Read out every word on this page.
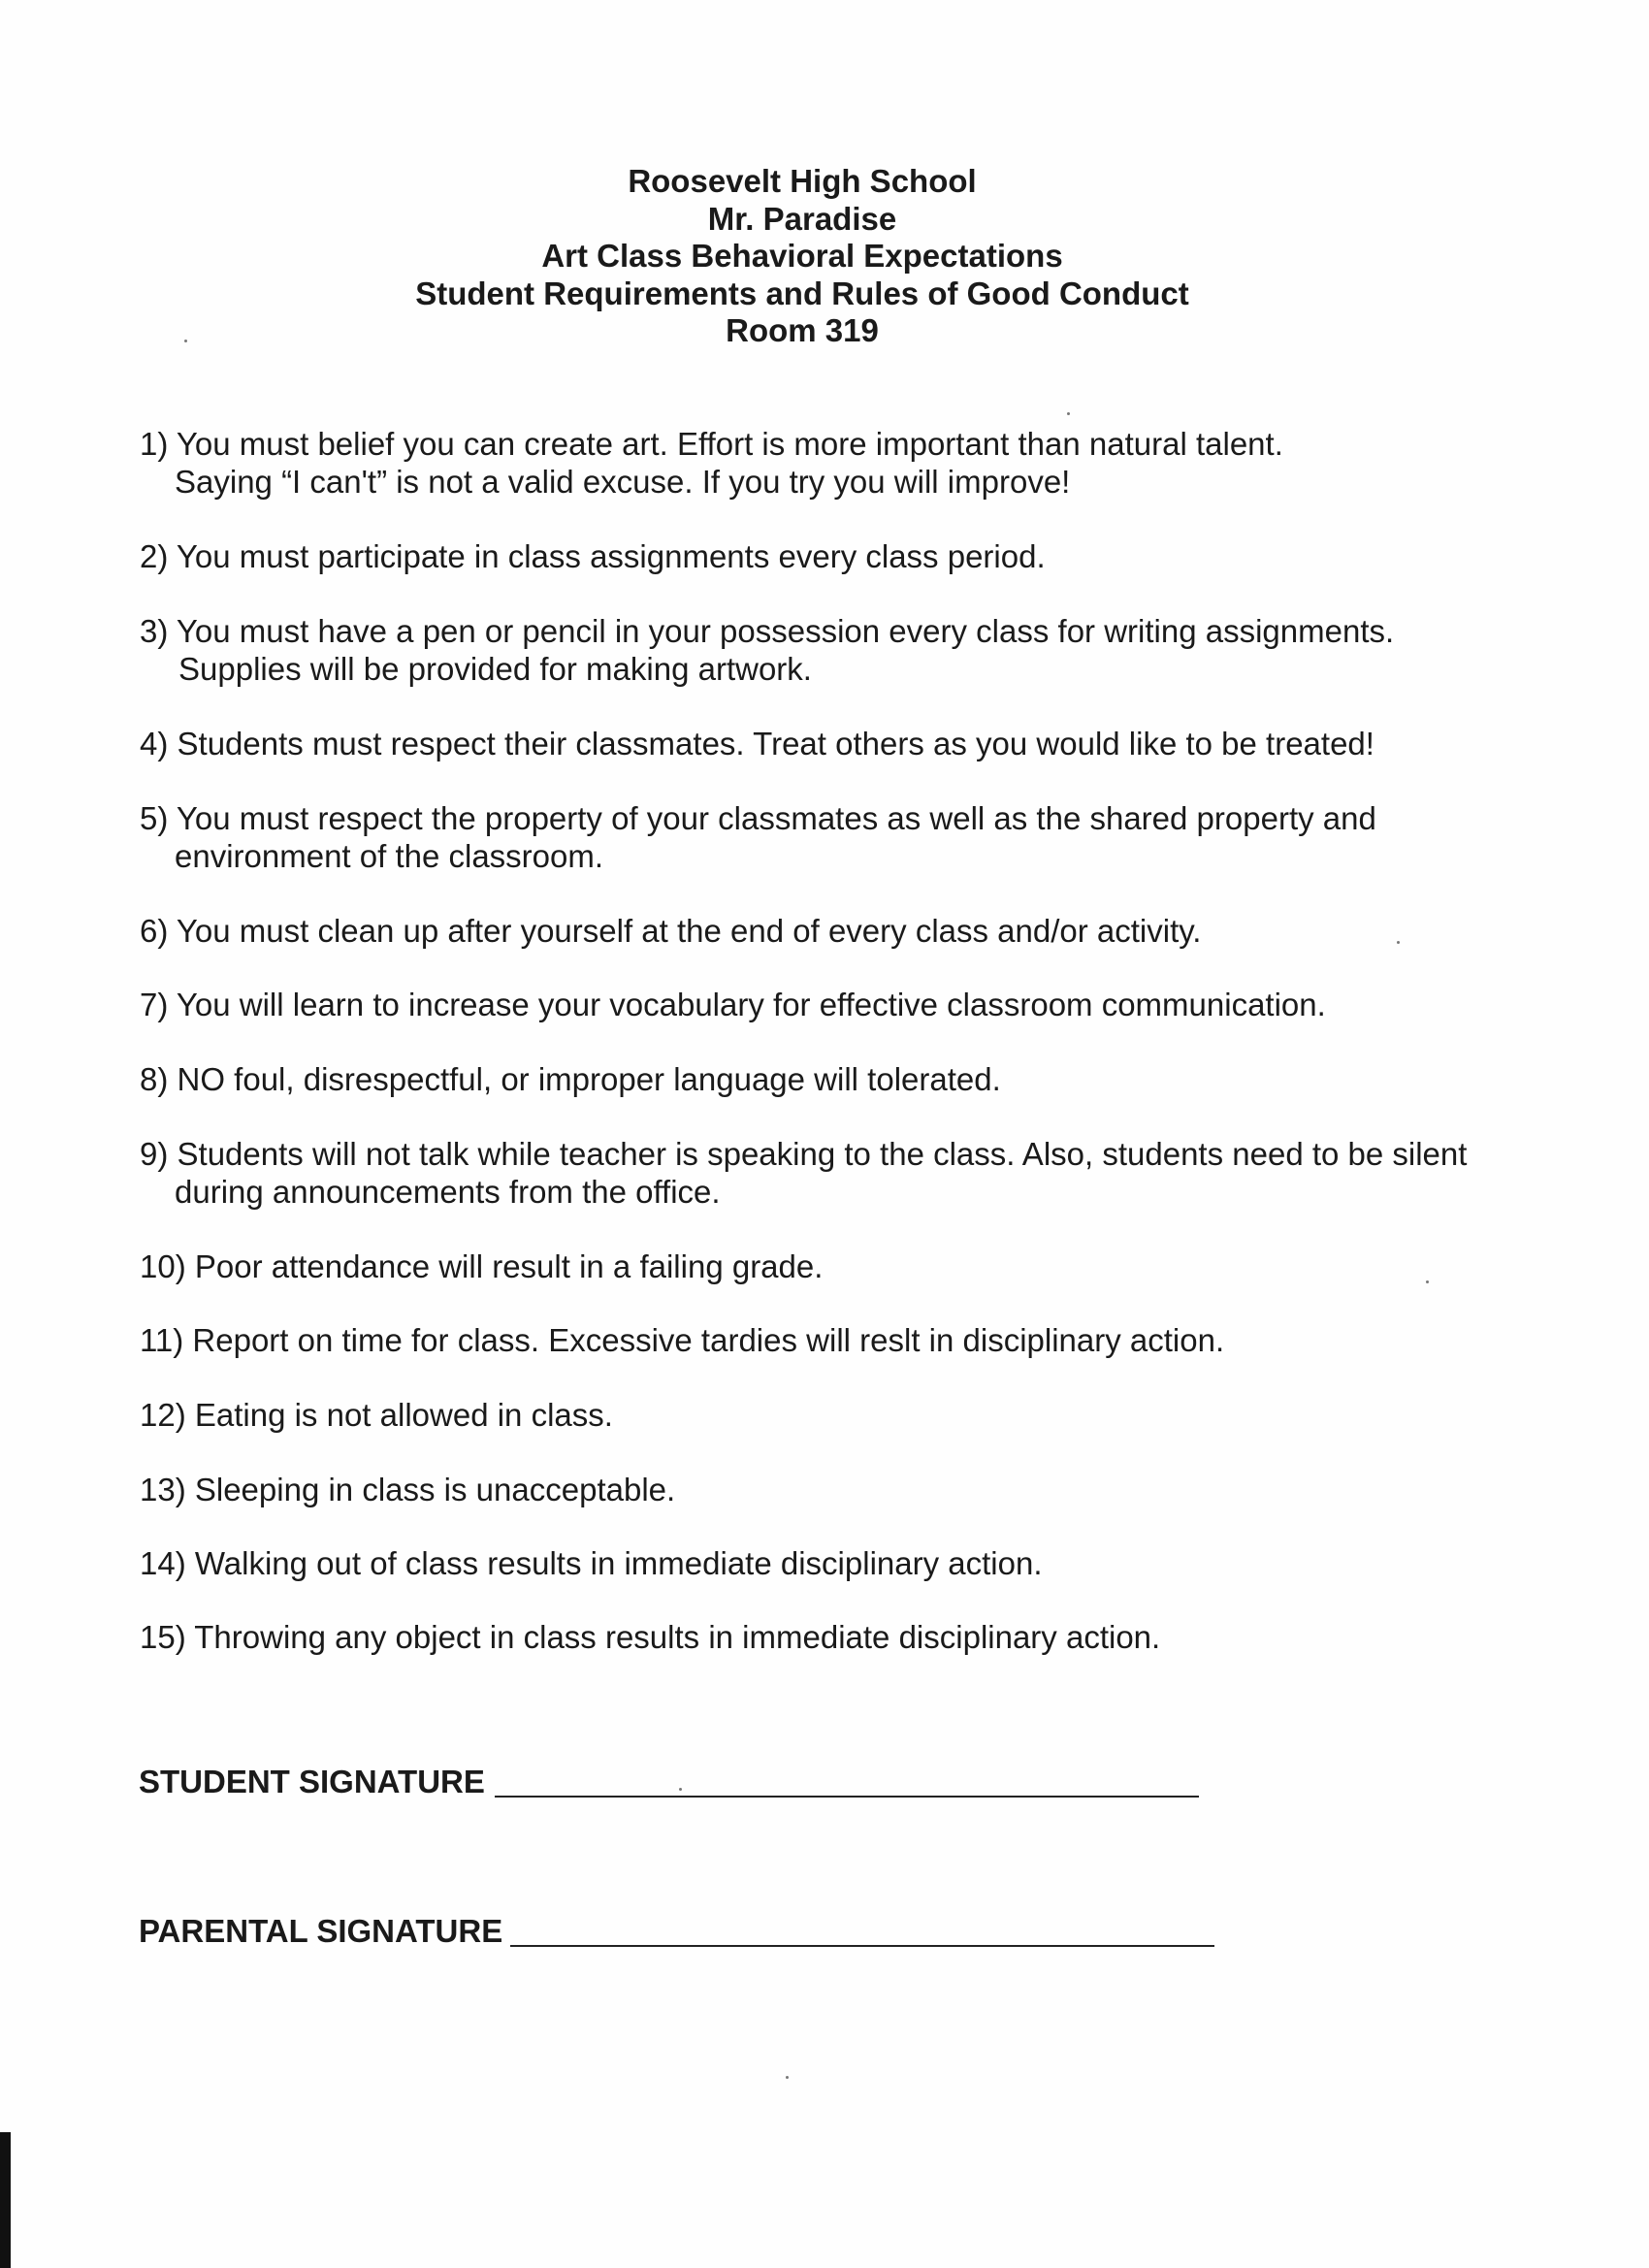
Roosevelt High School
Mr. Paradise
Art Class Behavioral Expectations
Student Requirements and Rules of Good Conduct
Room 319
1) You must belief you can create art. Effort is more important than natural talent.
Saying “I can't” is not a valid excuse. If you try you will improve!
2) You must participate in class assignments every class period.
3) You must have a pen or pencil in your possession every class for writing assignments.
Supplies will be provided for making artwork.
4) Students must respect their classmates. Treat others as you would like to be treated!
5) You must respect the property of your classmates as well as the shared property and
environment of the classroom.
6) You must clean up after yourself at the end of every class and/or activity.
7) You will learn to increase your vocabulary for effective classroom communication.
8) NO foul, disrespectful, or improper language will tolerated.
9) Students will not talk while teacher is speaking to the class. Also, students need to be silent
during announcements from the office.
10) Poor attendance will result in a failing grade.
11) Report on time for class. Excessive tardies will reslt in disciplinary action.
12) Eating is not allowed in class.
13) Sleeping in class is unacceptable.
14) Walking out of class results in immediate disciplinary action.
15) Throwing any object in class results in immediate disciplinary action.
STUDENT SIGNATURE
PARENTAL SIGNATURE
